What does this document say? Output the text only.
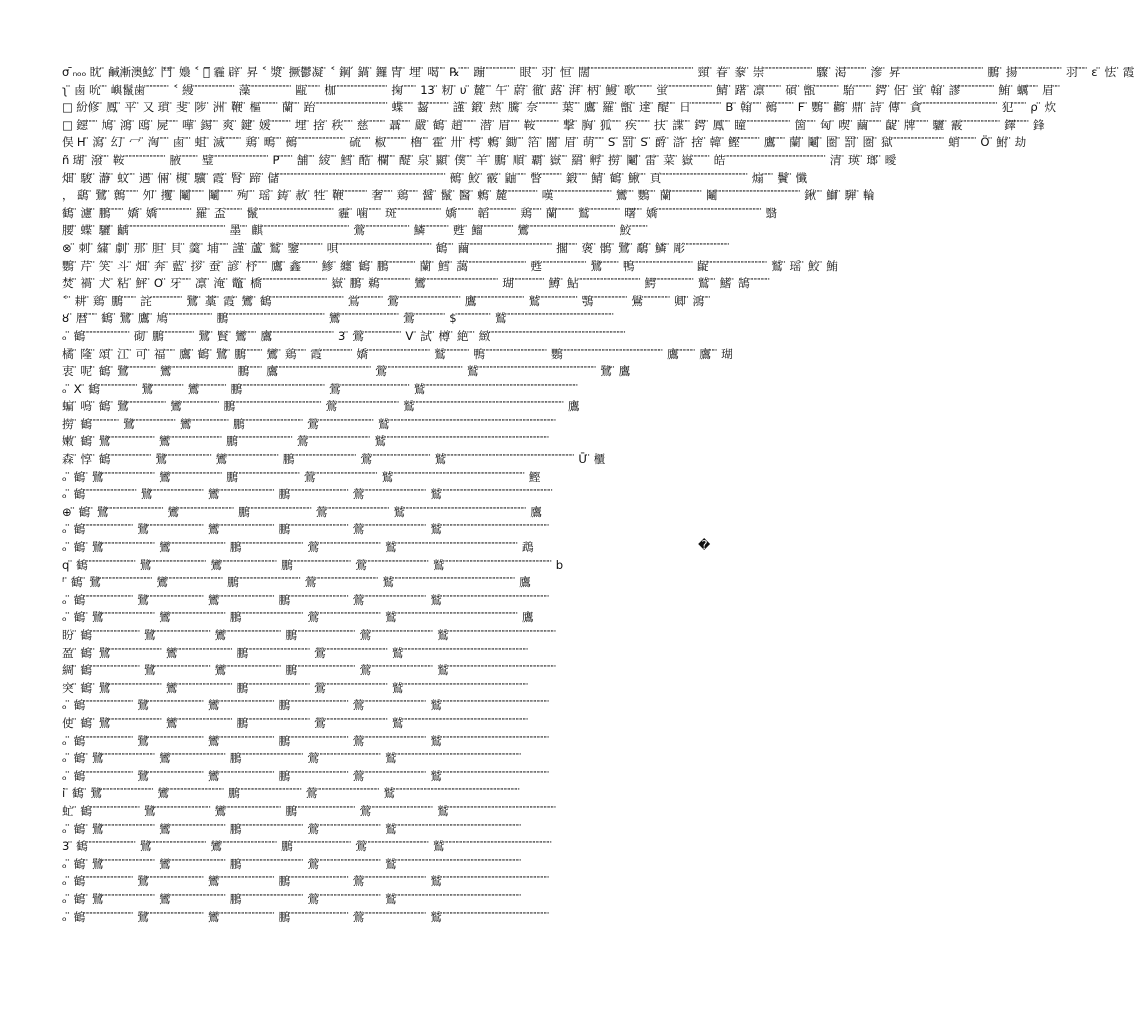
σ ̄ₙₒₒ 眈 ̈ 鹹漸澳鯰 ̈ 鬥 ̈ 嬝 ˂ 嬌̅ 霾 辟 ̈ 昇 ˂ 漿 ̈ 撅鬱凝 ̈ ˂ 鋼 ́ 鍋 ̈ 鑼 冑 ̈ 埋 ̈ 喝 ̈ ̈ ℞ ̈ ̈ ̈ 蹦 ̈ ̈ ̈ ̈ ̈ ̈ ̈ ̈ ̈ 眼 ̈ ̈ 羽 ̈ 恒 ̈ 闊 ̈ ̈ ̈ ̈ ̈ ̈ ̈ ̈ ̈ ̈ ̈ ̈ ̈ ̈ ̈ ̈ ̈ ̈ ̈ ̈ ̈ ̈ ̈ ̈ ̈ ̈ ̈ ̈ ̈ ̈ 頸 ̈ 眷 ̈ 豢 ̈ 崇 ̈ ̈ ̈ ̈ ̈ ̈ ̈ ̈ ̈ ̈ ̈ ̈ ̈ ̈ 驟 ̈ 渇 ̈ ̈ ̈ ̈ ̈ ̈ 滲 ̈ 昇 ̈ ̈ ̈ ̈ ̈ ̈ ̈ ̈ ̈ ̈ ̈ ̈ ̈ ̈ ̈ ̈ ̈ ̈ ̈ ̈ ̈ ̈ ̈ ̈ 鵬 ̈ 揚 ̈ ̈ ̈ ̈ ̈ ̈ ̈ ̈ ̈ ̈ ̈ ̈ ̈ 羽 ̈ ̈ ̈ ε ̈ 怯 ̈ 霞
ʅ ̈ 鹵 吮 ̈ ̈ 嶼鬣歯 ̈ ̈ ̈ ̈ ̈ ̈ ̈ ˂ 縵 ̈ ̈ ̈ ̈ ̈ ̈ ̈ ̈ ̈ ̈ ̈ ̈ 藻 ̈ ̈ ̈ ̈ ̈ ̈ ̈ ̈ ̈ ̈ ̈ ̈ 甌 ̈ ̈ ̈ ̈ 枷 ̈ ̈ ̈ ̈ ̈ ̈ ̈ ̈ ̈ ̈ ̈ ̈ ̈ ̈ ̈ 掬 ̈ ̈ ̈ ̈ 13 ̈ 籾 ̈ υ ̈ 麓 ̈ ̈ 午 ̈ 蔚 ̈ 徹 ̈ 蕗 ̈ 湃 ̈ 柄 ̈ 鰻 ̈ 歌 ̈ ̈ ̈ ̈ ̈ 蛍 ̈ ̈ ̈ ̈ ̈ ̈ ̈ ̈ ̈ ̈ ̈ ̈ ̈ 鯖 ̈ 躇 ̈ 凛 ̈ ̈ ̈ ̈ ̈ 碩 ̈ 甑 ̈ ̈ ̈ ̈ ̈ ̈ ̈ 駘 ̈ ̈ ̈ ̈ ̈ 鍔 ̈ 侶 ̈ 蛍 ̈ 翰 ̈ 謬 ̈ ̈ ̈ ̈ ̈ ̈ ̈ ̈ ̈ ̈ 鮪 ̈ 蠣 ̈ ̈ ̈ 眉 ̈ ̈
□ 紛修 ̈ 鳳 ̈ 平 ̈ 又 瑣 ̈ 斐 ̈ 陟 ̈ 洲 ̈ 鞭 ̈ 樞 ̈ ̈ ̈ ̈ ̈ 蘭 ̈ ̈ 跆 ̈ ̈ ̈ ̈ ̈ ̈ ̈ ̈ ̈ ̈ ̈ ̈ ̈ ̈ ̈ ̈ ̈ ̈ ̈ ̈ ̈ 蝶 ̈ ̈ ̈ 齧 ̈ ̈ ̈ ̈ ̈ ̈ 謹 ̈ 鍛 ̈ 熱 ̈ 騰 ̈ 奈 ̈ ̈ ̈ ̈ ̈ ̈ 葉 ̈ ̈ 鷹 ̈ 羅 ̈ 甑 ̈ 達 ̈ 醍 ̈ ̈ 日 ̈ ̈ ̈ ̈ ̈ ̈ ̈ ̈ ̈ B ̈ 翰 ̈ ̈ ̈ 鵺 ̈ ̈ ̈ ̈ ̈ F ̈ 鸚 ̈ ̈ 鸛 ̈ 鼎 ̈ 詩 ̈ 傳 ̈ ̈ 貪 ̈ ̈ ̈ ̈ ̈ ̈ ̈ ̈ ̈ ̈ ̈ ̈ ̈ ̈ ̈ ̈ ̈ ̈ ̈ ̈ ̈ ̈ 犯 ̈ ̈ ̈ ̈ ρ ̈ 炊
□ 鐚 ̈ ̈ ̈ 鳩 ̈ 鴻 ̈ 鴎 ̈ 屍 ̈ ̈ ̈ 嘩 ̈ 錫 ̈ ̈ 爽 ̈ 鍵 ̈ 媛 ̈ ̈ ̈ ̈ ̈ ̈ 埋 ̈ 捨 ̈ 秩 ̈ ̈ ̈ 慈 ̈ ̈ ̈ ̈ ̈ 聶 ̈ ̈ ̈ 嚴 ̈ 鶴 ̈ 趙 ̈ ̈ ̈ ̈ 潜 ̈ 眉 ̈ ̈ ̈ 鞍 ̈ ̈ ̈ ̈ ̈ ̈ ̈ 撃 ̈ 胸 ̈ 狐 ̈ ̈ ̈ 疾 ̈ ̈ ̈ ̈ 扶 ̈ 諜 ̈ ̈ 鍔 ̈ 鳳 ̈ ̈ 瞳 ̈ ̈ ̈ ̈ ̈ ̈ ̈ ̈ ̈ ̈ ̈ ̈ ̈ 箇 ̈ ̈ ̈ 匈 ̈ 喫 ̈ 繭 ̈ ̈ ̈ ̈ 齪 ̈ 牌 ̈ ̈ ̈ ̈ 驪 ̈ 霰 ̈ ̈ ̈ ̈ ̈ ̈ ̈ ̈ ̈ ̈ ̈ 鐸 ̈ ̈ ̈ ̈ 鋒
俣 H ̈ 瀉 ̈ 幻 ̈ 冖 ̈ 洶 ̈ ̈ ̈ 鹵 ̈ ̈ 蛆 ̈ 滅 ̈ ̈ ̈ ̈ ̈ 鶏 ̈ 鴫 ̈ ̈ 鵺 ̈ ̈ ̈ ̈ ̈ ̈ ̈ ̈ ̈ ̈ ̈ ̈ ̈ ̈ 硫 ̈ ̈ ̈ 椒 ̈ ̈ ̈ ̈ ̈ ̈ 櫓 ̈ ̈ 霍 ̈ 卅 ̈ 樗 ̈ 鶫 ̈ 鋤 ̈ ̈ 箔 ̈ 闇 ̈ 眉 ̈ 萌 ̈ ̈ ̈ S ̈ 罰 ̈ S ̈ 爵 ̈ 滸 ̈ 捨 ̈ 韓 ̈ 鰹 ̈ ̈ ̈ ̈ ̈ ̈ 鷹 ̈ ̈ ̈ 蘭 ̈ 鬮 ̈ 圏 ̈ 罰 ̈ 圏 ̈ 獄 ̈ ̈ ̈ ̈ ̈ ̈ ̈ ̈ ̈ ̈ ̈ ̈ ̈ ̈ ̈ 蛸 ̈ ̈ ̈ ̈ ̈ Ö ̈ 鮒 ̈ 劫
ñ 瑚 ̈ 潑 ̈ ̈ 鞍 ̈ ̈ ̈ ̈ ̈ ̈ ̈ ̈ ̈ ̈ ̈ ̈ 腋 ̈ ̈ ̈ ̈ ̈ 璧 ̈ ̈ ̈ ̈ ̈ ̈ ̈ ̈ ̈ ̈ ̈ ̈ ̈ ̈ ̈ ̈ P ̈ ̈ ̈ ̈ 舗 ̈ ̈ 綾 ̈ ̈ 鱈 ̈ 酷 ̈ 欄 ̈ ̈ 醍 ̈ 泉 ̈ 顯 ̈ 僕 ̈ ̈ 羊 ̈ 鵬 ̈ 順 ̈ 覇 ̈ 嶽 ̈ ̈ 羂 ̈ 孵 ̈ 撈 ̈ 鬮 ̈ 雷 ̈ 菜 ̈ 嶽 ̈ ̈ ̈ ̈ ̈ 皓 ̈ ̈ ̈ ̈ ̈ ̈ ̈ ̈ ̈ ̈ ̈ ̈ ̈ ̈ ̈ ̈ ̈ ̈ ̈ ̈ ̈ ̈ ̈ ̈ ̈ ̈ ̈ ̈ ̈ 清 ̈ 瑛 ̈ 瑯 ̈ 曖
畑 ̈ 駿 ̈ 瀞 ̈ 蚊 ̈ ̈ 遇 ̈ 倆 ̈ 槻 ̈ 驥 ̈ 霞 ̈ 腎 ̈ 蹄 ̈ 儲 ̈ ̈ ̈ ̈ ̈ ̈ ̈ ̈ ̈ ̈ ̈ ̈ ̈ ̈ ̈ ̈ ̈ ̈ ̈ ̈ ̈ ̈ ̈ ̈ ̈ ̈ ̈ ̈ ̈ ̈ ̈ ̈ ̈ ̈ ̈ ̈ ̈ ̈ ̈ ̈ ̈ ̈ ̈ ̈ ̈ ̈ ̈ ̈ 鵺 ̈ 鮫 ̈ 霰 ̈ 鼬 ̈ ̈ ̈ 瞥 ̈ ̈ ̈ ̈ ̈ ̈ 鍛 ̈ ̈ ̈ 鯖 ̈ 鶴 ̈ 鰍 ̈ ̈ 頁 ̈ ̈ ̈ ̈ ̈ ̈ ̈ ̈ ̈ ̈ ̈ ̈ ̈ ̈ ̈ ̈ ̈ ̈ ̈ ̈ ̈ ̈ ̈ ̈ ̈ 煽 ̈ ̈ ̈ 鬢 ̈ 懺
， 鷂 ̈ 鷺 ̈ 鷯 ̈ ̈ ̈ ̈ 夘 ̈ 攫 ̈ 鬮 ̈ ̈ ̈ ̈ 鬮 ̈ ̈ ̈ ̈ 殉 ̈ ̈ 瑶 ̈ 鋳 ̈ 赦 ̈ 牲 ̈ 鞭 ̈ ̈ ̈ ̈ ̈ ̈ ̈ 奢 ̈ ̈ ̈ 鶏 ̈ ̈ ̈ 醤 ̈ 鬣 ̈ 醫 ̈ 鶫 ̈ 麓 ̈ ̈ ̈ ̈ ̈ ̈ ̈ ̈ ̈ 嘆 ̈ ̈ ̈ ̈ ̈ ̈ ̈ ̈ ̈ ̈ ̈ ̈ ̈ ̈ ̈ ̈ ̈ 鸞 ̈ ̈ 鸚 ̈ ̈ 蘭 ̈ ̈ ̈ ̈ ̈ ̈ ̈ ̈ ̈ 鬮 ̈ ̈ ̈ ̈ ̈ ̈ ̈ ̈ ̈ ̈ ̈ ̈ ̈ ̈ ̈ ̈ ̈ ̈ ̈ ̈ ̈ ̈ ̈ ̈ 鍬 ̈ ̈ 鰤 ̈ 騨 ̈ 輪
鶴 ̈ 濾 ̈ 鵬 ̈ ̈ ̈ ̈ 嬌 ̈ 嬌 ̈ ̈ ̈ ̈ ̈ ̈ ̈ ̈ ̈ ̈ 羅 ̈ 盃 ̈ ̈ ̈ ̈ ̈ 鬣 ̈ ̈ ̈ ̈ ̈ ̈ ̈ ̈ ̈ ̈ ̈ ̈ ̈ ̈ ̈ ̈ ̈ ̈ ̈ ̈ ̈ ̈ 霾 ̈ 噛 ̈ ̈ ̈ ̈ 斑 ̈ ̈ ̈ ̈ ̈ ̈ ̈ ̈ ̈ ̈ ̈ ̈ ̈ 嬌 ̈ ̈ ̈ ̈ ̈ 韜 ̈ ̈ ̈ ̈ ̈ ̈ ̈ ̈ 鶏 ̈ ̈ ̈ 蘭 ̈ ̈ ̈ ̈ ̈ 鷲 ̈ ̈ ̈ ̈ ̈ ̈ ̈ ̈ ̈ 曙 ̈ ̈ 嬌 ̈ ̈ ̈ ̈ ̈ ̈ ̈ ̈ ̈ ̈ ̈ ̈ ̈ ̈ ̈ ̈ ̈ ̈ ̈ ̈ ̈ ̈ ̈ ̈ ̈ ̈ ̈ ̈ ̈ ̈ 翳
腰 ̈ 蝶 ̈ 驪 ̈ 齲 ̈ ̈ ̈ ̈ ̈ ̈ ̈ ̈ ̈ ̈ ̈ ̈ ̈ ̈ ̈ ̈ ̈ ̈ ̈ ̈ ̈ ̈ ̈ ̈ ̈ ̈ ̈ ̈ 墨 ̈ ̈ 麒 ̈ ̈ ̈ ̈ ̈ ̈ ̈ ̈ ̈ ̈ ̈ ̈ ̈ ̈ ̈ ̈ ̈ ̈ ̈ ̈ ̈ ̈ ̈ ̈ ̈ 鶯 ̈ ̈ ̈ ̈ ̈ ̈ ̈ ̈ ̈ ̈ ̈ ̈ ̈ 鱗 ̈ ̈ ̈ ̈ ̈ ̈ ̈ 甦 ̈ 鰡 ̈ ̈ ̈ ̈ ̈ ̈ ̈ ̈ ̈ 鸞 ̈ ̈ ̈ ̈ ̈ ̈ ̈ ̈ ̈ ̈ ̈ ̈ ̈ ̈ ̈ ̈ ̈ ̈ ̈ ̈ ̈ ̈ ̈ ̈ ̈ 鮫 ̈ ̈ ̈ ̈ ̈
⊗ ̈ 刺 ̈ 繍 ̈ 劇 ̈ 那 ̈ 胆 ̈ 貝 ̈ 羹 ̈ 埔 ̈ ̈ ̈ 謹 ̈ 蘆 ̈ 鷲 ̈ 鑒 ̈ ̈ ̈ ̈ ̈ ̈ ̈ 唄 ̈ ̈ ̈ ̈ ̈ ̈ ̈ ̈ ̈ ̈ ̈ ̈ ̈ ̈ ̈ ̈ ̈ ̈ ̈ ̈ ̈ ̈ ̈ ̈ ̈ ̈ ̈ 鶴 ̈ ̈ 繭 ̈ ̈ ̈ ̈ ̈ ̈ ̈ ̈ ̈ ̈ ̈ ̈ ̈ ̈ ̈ ̈ ̈ ̈ ̈ ̈ ̈ ̈ ̈ ̈ 擱 ̈ ̈ ̈ 褒 ̈ 鶻 ̈ 鷺 ̈ 鷸 ̈ 鱗 ̈ 彫 ̈ ̈ ̈ ̈ ̈ ̈ ̈ ̈ ̈ ̈ ̈ ̈ ̈
鸚 ̈ 芹 ̈ 笑 ̈ 斗 ̈ 畑 ̈ 奔 ̈ 藍 ̈ 拶 ̈ 蚕 ̈ 諺 ̈ 杼 ̈ ̈ ̈ 鷹 ̈ 鑫 ̈ ̈ ̈ ̈ ̈ 鯵 ̈ 纏 ̈ 鶴 ̈ 鵬 ̈ ̈ ̈ ̈ ̈ ̈ ̈ ̈ 蘭 ̈ 鱈 ̈ 藹 ̈ ̈ ̈ ̈ ̈ ̈ ̈ ̈ ̈ ̈ ̈ ̈ ̈ ̈ ̈ ̈ ̈ 甦 ̈ ̈ ̈ ̈ ̈ ̈ ̈ ̈ ̈ ̈ ̈ ̈ ̈ 鷺 ̈ ̈ ̈ ̈ ̈ 鴨 ̈ ̈ ̈ ̈ ̈ ̈ ̈ ̈ ̈ ̈ ̈ ̈ ̈ ̈ ̈ ̈ ̈ 齪 ̈ ̈ ̈ ̈ ̈ ̈ ̈ ̈ ̈ ̈ ̈ ̈ ̈ ̈ ̈ ̈ ̈ 鷲 ̈ 瑶 ̈ 鮫 ̈ 鮪
焚 ̈ 禍 ̈ 犬 ̈ 粘 ̈ 鮃 ̈ O ̈ 牙 ̈ ̈ ̈ 凛 ̈ 淹 ̈ 鼈 ̈ 橋 ̈ ̈ ̈ ̈ ̈ ̈ ̈ ̈ ̈ ̈ ̈ ̈ ̈ ̈ ̈ ̈ ̈ ̈ ̈ 嶽 ̈ 鵬 ̈ 鵜 ̈ ̈ ̈ ̈ ̈ ̈ ̈ ̈ ̈ 鸞 ̈ ̈ ̈ ̈ ̈ ̈ ̈ ̈ ̈ ̈ ̈ ̈ ̈ ̈ ̈ ̈ ̈ ̈ ̈ ̈ ̈ 瑚 ̈ ̈ ̈ ̈ ̈ ̈ ̈ ̈ ̈ 鱒 ̈ 鮎 ̈ ̈ ̈ ̈ ̈ ̈ ̈ ̈ ̈ ̈ ̈ ̈ ̈ ̈ ̈ ̈ ̈ ̈ 鰐 ̈ ̈ ̈ ̈ ̈ ̈ ̈ ̈ ̈ ̈ ̈ 鷲 ̈ ̈ 鰭 ̈ 鵠 ̈ ̈ ̈ ̈ ̈ ̈
˂ ̈ 耕 ̈ 鶏 ̈ 鵬 ̈ ̈ ̈ ̈ 詫 ̈ ̈ ̈ ̈ ̈ ̈ ̈ ̈ ̈ 鷺 ̈ 藁 ̈ 霞 ̈ 鸞 ̈ 鶴 ̈ ̈ ̈ ̈ ̈ ̈ ̈ ̈ ̈ ̈ ̈ ̈ ̈ ̈ ̈ ̈ ̈ ̈ ̈ ̈ ̈ 鴬 ̈ ̈ ̈ ̈ ̈ ̈ ̈ 鶯 ̈ ̈ ̈ ̈ ̈ ̈ ̈ ̈ ̈ ̈ ̈ ̈ ̈ ̈ ̈ ̈ ̈ ̈ 鷹 ̈ ̈ ̈ ̈ ̈ ̈ ̈ ̈ ̈ ̈ ̈ ̈ ̈ ̈ 鷲 ̈ ̈ ̈ ̈ ̈ ̈ ̈ ̈ ̈ ̈ ̈ 鶚 ̈ ̈ ̈ ̈ ̈ ̈ ̈ ̈ ̈ ̈ 鷽 ̈ ̈ ̈ ̈ ̈ ̈ ̈ ̈ 卿 ̈ 鴻 ̈ ̈
ȣ ̈ 暦 ̈ ̈ ̈ 鶴 ̈ 鷺 ̈ 鷹 ̈ 鳩 ̈ ̈ ̈ ̈ ̈ ̈ ̈ ̈ ̈ ̈ ̈ ̈ ̈ 鵬 ̈ ̈ ̈ ̈ ̈ ̈ ̈ ̈ ̈ ̈ ̈ ̈ ̈ ̈ ̈ ̈ ̈ ̈ ̈ ̈ ̈ ̈ ̈ ̈ ̈ ̈ ̈ ̈ 鸞 ̈ ̈ ̈ ̈ ̈ ̈ ̈ ̈ ̈ ̈ ̈ ̈ ̈ ̈ ̈ ̈ ̈ 鶯 ̈ ̈ ̈ ̈ ̈ ̈ ̈ ̈ ̈ $ ̈ ̈ ̈ ̈ ̈ ̈ ̈ ̈ ̈ ̈ 鷲 ̈ ̈ ̈ ̈ ̈ ̈ ̈ ̈ ̈ ̈ ̈ ̈ ̈ ̈ ̈ ̈ ̈ ̈ ̈ ̈ ̈ ̈ ̈ ̈ ̈ ̈ ̈ ̈ ̈ ̈ ̈
ₒ ̈ 鶴 ̈ ̈ ̈ ̈ ̈ ̈ ̈ ̈ ̈ ̈ ̈ ̈ ̈ 砌 ̈ 鵬 ̈ ̈ ̈ ̈ ̈ ̈ ̈ ̈ ̈ 鷺 ̈ 賢 ̈ 鸞 ̈ ̈ ̈ 鷹 ̈ ̈ ̈ ̈ ̈ ̈ ̈ ̈ ̈ ̈ ̈ ̈ ̈ ̈ ̈ ̈ ̈ ̈ 3 ̈ 鶯 ̈ ̈ ̈ ̈ ̈ ̈ ̈ ̈ ̈ ̈ ̈ V ̈ 試 ̈ 樽 ̈ 絶 ̈ ̈ 緻 ̈ ̈ ̈ ̈ ̈ ̈ ̈ ̈ ̈ ̈ ̈ ̈ ̈ ̈ ̈ ̈ ̈ ̈ ̈ ̈ ̈ ̈ ̈ ̈ ̈ ̈ ̈ ̈ ̈ ̈ ̈ ̈ ̈ ̈ ̈ ̈ ̈ ̈ ̈
橘 ̈ 隆 ̈ 頌 ̈ 江 ̈ 可 ̈ 福 ̈ ̈ ̈ 鷹 ̈ 鶴 ̈ 鷺 ̈ 鵬 ̈ ̈ ̈ ̈ ̈ 鸞 ̈ 鶏 ̈ ̈ ̈ 霞 ̈ ̈ ̈ ̈ ̈ ̈ ̈ ̈ ̈ 嬌 ̈ ̈ ̈ ̈ ̈ ̈ ̈ ̈ ̈ ̈ ̈ ̈ ̈ ̈ ̈ ̈ ̈ ̈ 鷲 ̈ ̈ ̈ ̈ ̈ ̈ ̈ 鴨 ̈ ̈ ̈ ̈ ̈ ̈ ̈ ̈ ̈ ̈ ̈ ̈ ̈ ̈ ̈ ̈ ̈ ̈ 鸚 ̈ ̈ ̈ ̈ ̈ ̈ ̈ ̈ ̈ ̈ ̈ ̈ ̈ ̈ ̈ ̈ ̈ ̈ ̈ ̈ ̈ ̈ ̈ ̈ ̈ ̈ ̈ ̈ ̈ 鷹 ̈ ̈ ̈ ̈ ̈ 鷹 ̈ ̈ 瑚
衷 ̈ 呢 ̈ 鶴 ̈ 鷺 ̈ ̈ ̈ ̈ ̈ ̈ ̈ ̈ 鸞 ̈ ̈ ̈ ̈ ̈ ̈ ̈ ̈ ̈ ̈ ̈ ̈ ̈ ̈ ̈ ̈ ̈ ̈ 鵬 ̈ ̈ ̈ ̈ 鷹 ̈ ̈ ̈ ̈ ̈ ̈ ̈ ̈ ̈ ̈ ̈ ̈ ̈ ̈ ̈ ̈ ̈ ̈ ̈ ̈ ̈ ̈ ̈ ̈ ̈ ̈ ̈ 鶯 ̈ ̈ ̈ ̈ ̈ ̈ ̈ ̈ ̈ ̈ ̈ ̈ ̈ ̈ ̈ ̈ ̈ ̈ ̈ ̈ ̈ ̈ 鷲 ̈ ̈ ̈ ̈ ̈ ̈ ̈ ̈ ̈ ̈ ̈ ̈ ̈ ̈ ̈ ̈ ̈ ̈ ̈ ̈ ̈ ̈ ̈ ̈ ̈ ̈ ̈ ̈ ̈ ̈ ̈ ̈ ̈ ̈ 鷺 ̈ 鷹
ₒ ̈ X ̈ 鶴 ̈ ̈ ̈ ̈ ̈ ̈ ̈ ̈ ̈ ̈ ̈ 鷺 ̈ ̈ ̈ ̈ ̈ ̈ ̈ ̈ ̈ 鸞 ̈ ̈ ̈ ̈ ̈ ̈ ̈ ̈ 鵬 ̈ ̈ ̈ ̈ ̈ ̈ ̈ ̈ ̈ ̈ ̈ ̈ ̈ ̈ ̈ ̈ ̈ ̈ ̈ ̈ ̈ ̈ ̈ ̈ 鶯 ̈ ̈ ̈ ̈ ̈ ̈ ̈ ̈ ̈ ̈ ̈ ̈ ̈ ̈ ̈ ̈ ̈ ̈ ̈ ̈ 鷲 ̈ ̈ ̈ ̈ ̈ ̈ ̈ ̈ ̈ ̈ ̈ ̈ ̈ ̈ ̈ ̈ ̈ ̈ ̈ ̈ ̈ ̈ ̈ ̈ ̈ ̈ ̈ ̈ ̈ ̈ ̈ ̈ ̈ ̈ ̈ ̈ ̈ ̈ ̈ ̈ ̈ ̈ ̈ ̈
蝙 ̈ 嗚 ̈ 鶴 ̈ 鷺 ̈ ̈ ̈ ̈ ̈ ̈ ̈ ̈ ̈ ̈ ̈ 鸞 ̈ ̈ ̈ ̈ ̈ ̈ ̈ ̈ ̈ ̈ ̈ 鵬 ̈ ̈ ̈ ̈ ̈ ̈ ̈ ̈ ̈ ̈ ̈ ̈ ̈ ̈ ̈ ̈ ̈ ̈ ̈ ̈ ̈ ̈ ̈ ̈ ̈ 鶯 ̈ ̈ ̈ ̈ ̈ ̈ ̈ ̈ ̈ ̈ ̈ ̈ ̈ ̈ ̈ ̈ ̈ ̈ 鷲 ̈ ̈ ̈ ̈ ̈ ̈ ̈ ̈ ̈ ̈ ̈ ̈ ̈ ̈ ̈ ̈ ̈ ̈ ̈ ̈ ̈ ̈ ̈ ̈ ̈ ̈ ̈ ̈ ̈ ̈ ̈ ̈ ̈ ̈ ̈ ̈ ̈ ̈ ̈ ̈ ̈ ̈ ̈ 鷹
撈 ̈ 鶴 ̈ ̈ ̈ ̈ ̈ ̈ ̈ ̈ 鷺 ̈ ̈ ̈ ̈ ̈ ̈ ̈ ̈ ̈ ̈ ̈ ̈ 鸞 ̈ ̈ ̈ ̈ ̈ ̈ ̈ ̈ ̈ ̈ ̈ 鵬 ̈ ̈ ̈ ̈ ̈ ̈ ̈ ̈ ̈ ̈ ̈ ̈ ̈ ̈ ̈ ̈ ̈ 鶯 ̈ ̈ ̈ ̈ ̈ ̈ ̈ ̈ ̈ ̈ ̈ ̈ ̈ ̈ ̈ ̈ 鷲 ̈ ̈ ̈ ̈ ̈ ̈ ̈ ̈ ̈ ̈ ̈ ̈ ̈ ̈ ̈ ̈ ̈ ̈ ̈ ̈ ̈ ̈ ̈ ̈ ̈ ̈ ̈ ̈ ̈ ̈ ̈ ̈ ̈ ̈ ̈ ̈ ̈ ̈ ̈ ̈ ̈ ̈ ̈ ̈ ̈ ̈ ̈ ̈
嫩 ̈ 鶴 ̈ 鷺 ̈ ̈ ̈ ̈ ̈ ̈ ̈ ̈ ̈ ̈ ̈ ̈ ̈ 鸞 ̈ ̈ ̈ ̈ ̈ ̈ ̈ ̈ ̈ ̈ ̈ ̈ ̈ ̈ ̈ 鵬 ̈ ̈ ̈ ̈ ̈ ̈ ̈ ̈ ̈ ̈ ̈ ̈ ̈ ̈ ̈ ̈ 鶯 ̈ ̈ ̈ ̈ ̈ ̈ ̈ ̈ ̈ ̈ ̈ ̈ ̈ ̈ ̈ ̈ ̈ ̈ 鷲 ̈ ̈ ̈ ̈ ̈ ̈ ̈ ̈ ̈ ̈ ̈ ̈ ̈ ̈ ̈ ̈ ̈ ̈ ̈ ̈ ̈ ̈ ̈ ̈ ̈ ̈ ̈ ̈ ̈ ̈ ̈ ̈ ̈ ̈ ̈ ̈ ̈ ̈ ̈ ̈ ̈ ̈ ̈ ̈ ̈ ̈ ̈
森 ̈ 惇 ̈ 鶴 ̈ ̈ ̈ ̈ ̈ ̈ ̈ ̈ ̈ ̈ ̈ ̈ 鷺 ̈ ̈ ̈ ̈ ̈ ̈ ̈ ̈ ̈ ̈ ̈ ̈ ̈ 鸞 ̈ ̈ ̈ ̈ ̈ ̈ ̈ ̈ ̈ ̈ ̈ ̈ ̈ ̈ ̈ 鵬 ̈ ̈ ̈ ̈ ̈ ̈ ̈ ̈ ̈ ̈ ̈ ̈ ̈ ̈ ̈ ̈ ̈ ̈ 鶯 ̈ ̈ ̈ ̈ ̈ ̈ ̈ ̈ ̈ ̈ ̈ ̈ ̈ ̈ ̈ ̈ ̈ 鷲 ̈ ̈ ̈ ̈ ̈ ̈ ̈ ̈ ̈ ̈ ̈ ̈ ̈ ̈ ̈ ̈ ̈ ̈ ̈ ̈ ̈ ̈ ̈ ̈ ̈ ̈ ̈ ̈ ̈ ̈ ̈ ̈ ̈ ̈ ̈ ̈ ̈ Ū ̈ 櫃
ₒ ̈ 鶴 ̈ 鷺 ̈ ̈ ̈ ̈ ̈ ̈ ̈ ̈ ̈ ̈ ̈ ̈ ̈ ̈ ̈ 鸞 ̈ ̈ ̈ ̈ ̈ ̈ ̈ ̈ ̈ ̈ ̈ ̈ ̈ ̈ ̈ 鵬 ̈ ̈ ̈ ̈ ̈ ̈ ̈ ̈ ̈ ̈ ̈ ̈ ̈ ̈ ̈ ̈ ̈ ̈ 鶯 ̈ ̈ ̈ ̈ ̈ ̈ ̈ ̈ ̈ ̈ ̈ ̈ ̈ ̈ ̈ ̈ ̈ ̈ 鷲 ̈ ̈ ̈ ̈ ̈ ̈ ̈ ̈ ̈ ̈ ̈ ̈ ̈ ̈ ̈ ̈ ̈ ̈ ̈ ̈ ̈ ̈ ̈ ̈ ̈ ̈ ̈ ̈ ̈ ̈ ̈ ̈ ̈ ̈ ̈ ̈ ̈ ̈ 鰹
ₒ ̈ 鶴 ̈ ̈ ̈ ̈ ̈ ̈ ̈ ̈ ̈ ̈ ̈ ̈ ̈ ̈ ̈ 鷺 ̈ ̈ ̈ ̈ ̈ ̈ ̈ ̈ ̈ ̈ ̈ ̈ ̈ ̈ ̈ 鸞 ̈ ̈ ̈ ̈ ̈ ̈ ̈ ̈ ̈ ̈ ̈ ̈ ̈ ̈ ̈ ̈ 鵬 ̈ ̈ ̈ ̈ ̈ ̈ ̈ ̈ ̈ ̈ ̈ ̈ ̈ ̈ ̈ ̈ ̈ 鶯 ̈ ̈ ̈ ̈ ̈ ̈ ̈ ̈ ̈ ̈ ̈ ̈ ̈ ̈ ̈ ̈ ̈ ̈ 鷲 ̈ ̈ ̈ ̈ ̈ ̈ ̈ ̈ ̈ ̈ ̈ ̈ ̈ ̈ ̈ ̈ ̈ ̈ ̈ ̈ ̈ ̈ ̈ ̈ ̈ ̈ ̈ ̈ ̈ ̈ ̈ ̈
⊕ ̈ 鶴 ̈ 鷺 ̈ ̈ ̈ ̈ ̈ ̈ ̈ ̈ ̈ ̈ ̈ ̈ ̈ ̈ ̈ ̈ 鸞 ̈ ̈ ̈ ̈ ̈ ̈ ̈ ̈ ̈ ̈ ̈ ̈ ̈ ̈ ̈ ̈ 鵬 ̈ ̈ ̈ ̈ ̈ ̈ ̈ ̈ ̈ ̈ ̈ ̈ ̈ ̈ ̈ ̈ ̈ ̈ 鶯 ̈ ̈ ̈ ̈ ̈ ̈ ̈ ̈ ̈ ̈ ̈ ̈ ̈ ̈ ̈ ̈ ̈ ̈ 鷲 ̈ ̈ ̈ ̈ ̈ ̈ ̈ ̈ ̈ ̈ ̈ ̈ ̈ ̈ ̈ ̈ ̈ ̈ ̈ ̈ ̈ ̈ ̈ ̈ ̈ ̈ ̈ ̈ ̈ ̈ ̈ ̈ ̈ ̈ ̈ 鷹
ₒ ̈ 鶴 ̈ ̈ ̈ ̈ ̈ ̈ ̈ ̈ ̈ ̈ ̈ ̈ ̈ ̈ 鷺 ̈ ̈ ̈ ̈ ̈ ̈ ̈ ̈ ̈ ̈ ̈ ̈ ̈ ̈ ̈ ̈ 鸞 ̈ ̈ ̈ ̈ ̈ ̈ ̈ ̈ ̈ ̈ ̈ ̈ ̈ ̈ ̈ ̈ 鵬 ̈ ̈ ̈ ̈ ̈ ̈ ̈ ̈ ̈ ̈ ̈ ̈ ̈ ̈ ̈ ̈ ̈ 鶯 ̈ ̈ ̈ ̈ ̈ ̈ ̈ ̈ ̈ ̈ ̈ ̈ ̈ ̈ ̈ ̈ ̈ ̈ 鷲 ̈ ̈ ̈ ̈ ̈ ̈ ̈ ̈ ̈ ̈ ̈ ̈ ̈ ̈ ̈ ̈ ̈ ̈ ̈ ̈ ̈ ̈ ̈ ̈ ̈ ̈ ̈ ̈ ̈ ̈ ̈
ₒ ̈ 鶴 ̈ 鷺 ̈ ̈ ̈ ̈ ̈ ̈ ̈ ̈ ̈ ̈ ̈ ̈ ̈ ̈ ̈ 鸞 ̈ ̈ ̈ ̈ ̈ ̈ ̈ ̈ ̈ ̈ ̈ ̈ ̈ ̈ ̈ ̈ 鵬 ̈ ̈ ̈ ̈ ̈ ̈ ̈ ̈ ̈ ̈ ̈ ̈ ̈ ̈ ̈ ̈ ̈ ̈ 鶯 ̈ ̈ ̈ ̈ ̈ ̈ ̈ ̈ ̈ ̈ ̈ ̈ ̈ ̈ ̈ ̈ ̈ ̈ 鷲 ̈ ̈ ̈ ̈ ̈ ̈ ̈ ̈ ̈ ̈ ̈ ̈ ̈ ̈ ̈ ̈ ̈ ̈ ̈ ̈ ̈ ̈ ̈ ̈ ̈ ̈ ̈ ̈ ̈ ̈ ̈ ̈ ̈ ̈ ̈ 鵡
q ̈ 鶴 ̈ ̈ ̈ ̈ ̈ ̈ ̈ ̈ ̈ ̈ ̈ ̈ ̈ ̈ 鷺 ̈ ̈ ̈ ̈ ̈ ̈ ̈ ̈ ̈ ̈ ̈ ̈ ̈ ̈ ̈ ̈ 鸞 ̈ ̈ ̈ ̈ ̈ ̈ ̈ ̈ ̈ ̈ ̈ ̈ ̈ ̈ ̈ ̈ 鵬 ̈ ̈ ̈ ̈ ̈ ̈ ̈ ̈ ̈ ̈ ̈ ̈ ̈ ̈ ̈ ̈ ̈ 鶯 ̈ ̈ ̈ ̈ ̈ ̈ ̈ ̈ ̈ ̈ ̈ ̈ ̈ ̈ ̈ ̈ ̈ ̈ 鷲 ̈ ̈ ̈ ̈ ̈ ̈ ̈ ̈ ̈ ̈ ̈ ̈ ̈ ̈ ̈ ̈ ̈ ̈ ̈ ̈ ̈ ̈ ̈ ̈ ̈ ̈ ̈ ̈ ̈ ̈ ̈ b
ᴵ ̈ 鶴 ̈ 鷺 ̈ ̈ ̈ ̈ ̈ ̈ ̈ ̈ ̈ ̈ ̈ ̈ ̈ ̈ ̈ 鸞 ̈ ̈ ̈ ̈ ̈ ̈ ̈ ̈ ̈ ̈ ̈ ̈ ̈ ̈ ̈ ̈ 鵬 ̈ ̈ ̈ ̈ ̈ ̈ ̈ ̈ ̈ ̈ ̈ ̈ ̈ ̈ ̈ ̈ ̈ ̈ 鶯 ̈ ̈ ̈ ̈ ̈ ̈ ̈ ̈ ̈ ̈ ̈ ̈ ̈ ̈ ̈ ̈ ̈ ̈ 鷲 ̈ ̈ ̈ ̈ ̈ ̈ ̈ ̈ ̈ ̈ ̈ ̈ ̈ ̈ ̈ ̈ ̈ ̈ ̈ ̈ ̈ ̈ ̈ ̈ ̈ ̈ ̈ ̈ ̈ ̈ ̈ ̈ ̈ ̈ ̈ 鷹
ₒ ̈ 鶴 ̈ ̈ ̈ ̈ ̈ ̈ ̈ ̈ ̈ ̈ ̈ ̈ ̈ ̈ 鷺 ̈ ̈ ̈ ̈ ̈ ̈ ̈ ̈ ̈ ̈ ̈ ̈ ̈ ̈ ̈ ̈ 鸞 ̈ ̈ ̈ ̈ ̈ ̈ ̈ ̈ ̈ ̈ ̈ ̈ ̈ ̈ ̈ ̈ 鵬 ̈ ̈ ̈ ̈ ̈ ̈ ̈ ̈ ̈ ̈ ̈ ̈ ̈ ̈ ̈ ̈ ̈ 鶯 ̈ ̈ ̈ ̈ ̈ ̈ ̈ ̈ ̈ ̈ ̈ ̈ ̈ ̈ ̈ ̈ ̈ ̈ 鷲 ̈ ̈ ̈ ̈ ̈ ̈ ̈ ̈ ̈ ̈ ̈ ̈ ̈ ̈ ̈ ̈ ̈ ̈ ̈ ̈ ̈ ̈ ̈ ̈ ̈ ̈ ̈ ̈ ̈ ̈ ̈
ₒ ̈ 鶴 ̈ 鷺 ̈ ̈ ̈ ̈ ̈ ̈ ̈ ̈ ̈ ̈ ̈ ̈ ̈ ̈ ̈ 鸞 ̈ ̈ ̈ ̈ ̈ ̈ ̈ ̈ ̈ ̈ ̈ ̈ ̈ ̈ ̈ ̈ 鵬 ̈ ̈ ̈ ̈ ̈ ̈ ̈ ̈ ̈ ̈ ̈ ̈ ̈ ̈ ̈ ̈ ̈ ̈ 鶯 ̈ ̈ ̈ ̈ ̈ ̈ ̈ ̈ ̈ ̈ ̈ ̈ ̈ ̈ ̈ ̈ ̈ ̈ 鷲 ̈ ̈ ̈ ̈ ̈ ̈ ̈ ̈ ̈ ̈ ̈ ̈ ̈ ̈ ̈ ̈ ̈ ̈ ̈ ̈ ̈ ̈ ̈ ̈ ̈ ̈ ̈ ̈ ̈ ̈ ̈ ̈ ̈ ̈ ̈ 鷹
盼 ̈ 鶴 ̈ ̈ ̈ ̈ ̈ ̈ ̈ ̈ ̈ ̈ ̈ ̈ ̈ ̈ 鷺 ̈ ̈ ̈ ̈ ̈ ̈ ̈ ̈ ̈ ̈ ̈ ̈ ̈ ̈ ̈ ̈ 鸞 ̈ ̈ ̈ ̈ ̈ ̈ ̈ ̈ ̈ ̈ ̈ ̈ ̈ ̈ ̈ ̈ 鵬 ̈ ̈ ̈ ̈ ̈ ̈ ̈ ̈ ̈ ̈ ̈ ̈ ̈ ̈ ̈ ̈ ̈ 鶯 ̈ ̈ ̈ ̈ ̈ ̈ ̈ ̈ ̈ ̈ ̈ ̈ ̈ ̈ ̈ ̈ ̈ ̈ 鷲 ̈ ̈ ̈ ̈ ̈ ̈ ̈ ̈ ̈ ̈ ̈ ̈ ̈ ̈ ̈ ̈ ̈ ̈ ̈ ̈ ̈ ̈ ̈ ̈ ̈ ̈ ̈ ̈ ̈ ̈ ̈
盈 ̈ 鶴 ̈ 鷺 ̈ ̈ ̈ ̈ ̈ ̈ ̈ ̈ ̈ ̈ ̈ ̈ ̈ ̈ ̈ 鸞 ̈ ̈ ̈ ̈ ̈ ̈ ̈ ̈ ̈ ̈ ̈ ̈ ̈ ̈ ̈ ̈ 鵬 ̈ ̈ ̈ ̈ ̈ ̈ ̈ ̈ ̈ ̈ ̈ ̈ ̈ ̈ ̈ ̈ ̈ ̈ 鶯 ̈ ̈ ̈ ̈ ̈ ̈ ̈ ̈ ̈ ̈ ̈ ̈ ̈ ̈ ̈ ̈ ̈ ̈ 鷲 ̈ ̈ ̈ ̈ ̈ ̈ ̈ ̈ ̈ ̈ ̈ ̈ ̈ ̈ ̈ ̈ ̈ ̈ ̈ ̈ ̈ ̈ ̈ ̈ ̈ ̈ ̈ ̈ ̈ ̈ ̈ ̈ ̈ ̈ ̈ ̈
綢 ̈ 鶴 ̈ ̈ ̈ ̈ ̈ ̈ ̈ ̈ ̈ ̈ ̈ ̈ ̈ ̈ 鷺 ̈ ̈ ̈ ̈ ̈ ̈ ̈ ̈ ̈ ̈ ̈ ̈ ̈ ̈ ̈ ̈ 鸞 ̈ ̈ ̈ ̈ ̈ ̈ ̈ ̈ ̈ ̈ ̈ ̈ ̈ ̈ ̈ ̈ 鵬 ̈ ̈ ̈ ̈ ̈ ̈ ̈ ̈ ̈ ̈ ̈ ̈ ̈ ̈ ̈ ̈ ̈ 鶯 ̈ ̈ ̈ ̈ ̈ ̈ ̈ ̈ ̈ ̈ ̈ ̈ ̈ ̈ ̈ ̈ ̈ ̈ 鷲 ̈ ̈ ̈ ̈ ̈ ̈ ̈ ̈ ̈ ̈ ̈ ̈ ̈ ̈ ̈ ̈ ̈ ̈ ̈ ̈ ̈ ̈ ̈ ̈ ̈ ̈ ̈ ̈ ̈ ̈ ̈
突 ̈ 鶴 ̈ 鷺 ̈ ̈ ̈ ̈ ̈ ̈ ̈ ̈ ̈ ̈ ̈ ̈ ̈ ̈ ̈ 鸞 ̈ ̈ ̈ ̈ ̈ ̈ ̈ ̈ ̈ ̈ ̈ ̈ ̈ ̈ ̈ ̈ 鵬 ̈ ̈ ̈ ̈ ̈ ̈ ̈ ̈ ̈ ̈ ̈ ̈ ̈ ̈ ̈ ̈ ̈ ̈ 鶯 ̈ ̈ ̈ ̈ ̈ ̈ ̈ ̈ ̈ ̈ ̈ ̈ ̈ ̈ ̈ ̈ ̈ ̈ 鷲 ̈ ̈ ̈ ̈ ̈ ̈ ̈ ̈ ̈ ̈ ̈ ̈ ̈ ̈ ̈ ̈ ̈ ̈ ̈ ̈ ̈ ̈ ̈ ̈ ̈ ̈ ̈ ̈ ̈ ̈ ̈ ̈ ̈ ̈ ̈ ̈
ₒ ̈ 鶴 ̈ ̈ ̈ ̈ ̈ ̈ ̈ ̈ ̈ ̈ ̈ ̈ ̈ ̈ 鷺 ̈ ̈ ̈ ̈ ̈ ̈ ̈ ̈ ̈ ̈ ̈ ̈ ̈ ̈ ̈ ̈ 鸞 ̈ ̈ ̈ ̈ ̈ ̈ ̈ ̈ ̈ ̈ ̈ ̈ ̈ ̈ ̈ ̈ 鵬 ̈ ̈ ̈ ̈ ̈ ̈ ̈ ̈ ̈ ̈ ̈ ̈ ̈ ̈ ̈ ̈ ̈ 鶯 ̈ ̈ ̈ ̈ ̈ ̈ ̈ ̈ ̈ ̈ ̈ ̈ ̈ ̈ ̈ ̈ ̈ ̈ 鷲 ̈ ̈ ̈ ̈ ̈ ̈ ̈ ̈ ̈ ̈ ̈ ̈ ̈ ̈ ̈ ̈ ̈ ̈ ̈ ̈ ̈ ̈ ̈ ̈ ̈ ̈ ̈ ̈ ̈ ̈ ̈
使 ̈ 鶴 ̈ 鷺 ̈ ̈ ̈ ̈ ̈ ̈ ̈ ̈ ̈ ̈ ̈ ̈ ̈ ̈ ̈ 鸞 ̈ ̈ ̈ ̈ ̈ ̈ ̈ ̈ ̈ ̈ ̈ ̈ ̈ ̈ ̈ ̈ 鵬 ̈ ̈ ̈ ̈ ̈ ̈ ̈ ̈ ̈ ̈ ̈ ̈ ̈ ̈ ̈ ̈ ̈ ̈ 鶯 ̈ ̈ ̈ ̈ ̈ ̈ ̈ ̈ ̈ ̈ ̈ ̈ ̈ ̈ ̈ ̈ ̈ ̈ 鷲 ̈ ̈ ̈ ̈ ̈ ̈ ̈ ̈ ̈ ̈ ̈ ̈ ̈ ̈ ̈ ̈ ̈ ̈ ̈ ̈ ̈ ̈ ̈ ̈ ̈ ̈ ̈ ̈ ̈ ̈ ̈ ̈ ̈ ̈ ̈ ̈
ₒ ̈ 鶴 ̈ ̈ ̈ ̈ ̈ ̈ ̈ ̈ ̈ ̈ ̈ ̈ ̈ ̈ 鷺 ̈ ̈ ̈ ̈ ̈ ̈ ̈ ̈ ̈ ̈ ̈ ̈ ̈ ̈ ̈ ̈ 鸞 ̈ ̈ ̈ ̈ ̈ ̈ ̈ ̈ ̈ ̈ ̈ ̈ ̈ ̈ ̈ ̈ 鵬 ̈ ̈ ̈ ̈ ̈ ̈ ̈ ̈ ̈ ̈ ̈ ̈ ̈ ̈ ̈ ̈ ̈ 鶯 ̈ ̈ ̈ ̈ ̈ ̈ ̈ ̈ ̈ ̈ ̈ ̈ ̈ ̈ ̈ ̈ ̈ ̈ 鷲 ̈ ̈ ̈ ̈ ̈ ̈ ̈ ̈ ̈ ̈ ̈ ̈ ̈ ̈ ̈ ̈ ̈ ̈ ̈ ̈ ̈ ̈ ̈ ̈ ̈ ̈ ̈ ̈ ̈ ̈ ̈
ₒ ̈ 鶴 ̈ 鷺 ̈ ̈ ̈ ̈ ̈ ̈ ̈ ̈ ̈ ̈ ̈ ̈ ̈ ̈ ̈ 鸞 ̈ ̈ ̈ ̈ ̈ ̈ ̈ ̈ ̈ ̈ ̈ ̈ ̈ ̈ ̈ ̈ 鵬 ̈ ̈ ̈ ̈ ̈ ̈ ̈ ̈ ̈ ̈ ̈ ̈ ̈ ̈ ̈ ̈ ̈ ̈ 鶯 ̈ ̈ ̈ ̈ ̈ ̈ ̈ ̈ ̈ ̈ ̈ ̈ ̈ ̈ ̈ ̈ ̈ ̈ 鷲 ̈ ̈ ̈ ̈ ̈ ̈ ̈ ̈ ̈ ̈ ̈ ̈ ̈ ̈ ̈ ̈ ̈ ̈ ̈ ̈ ̈ ̈ ̈ ̈ ̈ ̈ ̈ ̈ ̈ ̈ ̈ ̈ ̈ ̈ ̈ ̈
ₒ ̈ 鶴 ̈ ̈ ̈ ̈ ̈ ̈ ̈ ̈ ̈ ̈ ̈ ̈ ̈ ̈ 鷺 ̈ ̈ ̈ ̈ ̈ ̈ ̈ ̈ ̈ ̈ ̈ ̈ ̈ ̈ ̈ ̈ 鸞 ̈ ̈ ̈ ̈ ̈ ̈ ̈ ̈ ̈ ̈ ̈ ̈ ̈ ̈ ̈ ̈ 鵬 ̈ ̈ ̈ ̈ ̈ ̈ ̈ ̈ ̈ ̈ ̈ ̈ ̈ ̈ ̈ ̈ ̈ 鶯 ̈ ̈ ̈ ̈ ̈ ̈ ̈ ̈ ̈ ̈ ̈ ̈ ̈ ̈ ̈ ̈ ̈ ̈ 鷲 ̈ ̈ ̈ ̈ ̈ ̈ ̈ ̈ ̈ ̈ ̈ ̈ ̈ ̈ ̈ ̈ ̈ ̈ ̈ ̈ ̈ ̈ ̈ ̈ ̈ ̈ ̈ ̈ ̈ ̈ ̈
i ̈ 鶴 ̈ 鷺 ̈ ̈ ̈ ̈ ̈ ̈ ̈ ̈ ̈ ̈ ̈ ̈ ̈ ̈ ̈ 鸞 ̈ ̈ ̈ ̈ ̈ ̈ ̈ ̈ ̈ ̈ ̈ ̈ ̈ ̈ ̈ ̈ 鵬 ̈ ̈ ̈ ̈ ̈ ̈ ̈ ̈ ̈ ̈ ̈ ̈ ̈ ̈ ̈ ̈ ̈ ̈ 鶯 ̈ ̈ ̈ ̈ ̈ ̈ ̈ ̈ ̈ ̈ ̈ ̈ ̈ ̈ ̈ ̈ ̈ ̈ 鷲 ̈ ̈ ̈ ̈ ̈ ̈ ̈ ̈ ̈ ̈ ̈ ̈ ̈ ̈ ̈ ̈ ̈ ̈ ̈ ̈ ̈ ̈ ̈ ̈ ̈ ̈ ̈ ̈ ̈ ̈ ̈ ̈ ̈ ̈ ̈ ̈
虻 ̈ 鶴 ̈ ̈ ̈ ̈ ̈ ̈ ̈ ̈ ̈ ̈ ̈ ̈ ̈ ̈ 鷺 ̈ ̈ ̈ ̈ ̈ ̈ ̈ ̈ ̈ ̈ ̈ ̈ ̈ ̈ ̈ ̈ 鸞 ̈ ̈ ̈ ̈ ̈ ̈ ̈ ̈ ̈ ̈ ̈ ̈ ̈ ̈ ̈ ̈ 鵬 ̈ ̈ ̈ ̈ ̈ ̈ ̈ ̈ ̈ ̈ ̈ ̈ ̈ ̈ ̈ ̈ ̈ 鶯 ̈ ̈ ̈ ̈ ̈ ̈ ̈ ̈ ̈ ̈ ̈ ̈ ̈ ̈ ̈ ̈ ̈ ̈ 鷲 ̈ ̈ ̈ ̈ ̈ ̈ ̈ ̈ ̈ ̈ ̈ ̈ ̈ ̈ ̈ ̈ ̈ ̈ ̈ ̈ ̈ ̈ ̈ ̈ ̈ ̈ ̈ ̈ ̈ ̈ ̈
ₒ ̈ 鶴 ̈ 鷺 ̈ ̈ ̈ ̈ ̈ ̈ ̈ ̈ ̈ ̈ ̈ ̈ ̈ ̈ ̈ 鸞 ̈ ̈ ̈ ̈ ̈ ̈ ̈ ̈ ̈ ̈ ̈ ̈ ̈ ̈ ̈ ̈ 鵬 ̈ ̈ ̈ ̈ ̈ ̈ ̈ ̈ ̈ ̈ ̈ ̈ ̈ ̈ ̈ ̈ ̈ ̈ 鶯 ̈ ̈ ̈ ̈ ̈ ̈ ̈ ̈ ̈ ̈ ̈ ̈ ̈ ̈ ̈ ̈ ̈ ̈ 鷲 ̈ ̈ ̈ ̈ ̈ ̈ ̈ ̈ ̈ ̈ ̈ ̈ ̈ ̈ ̈ ̈ ̈ ̈ ̈ ̈ ̈ ̈ ̈ ̈ ̈ ̈ ̈ ̈ ̈ ̈ ̈ ̈ ̈ ̈ ̈ ̈
3 ̈ 鶴 ̈ ̈ ̈ ̈ ̈ ̈ ̈ ̈ ̈ ̈ ̈ ̈ ̈ ̈ 鷺 ̈ ̈ ̈ ̈ ̈ ̈ ̈ ̈ ̈ ̈ ̈ ̈ ̈ ̈ ̈ ̈ 鸞 ̈ ̈ ̈ ̈ ̈ ̈ ̈ ̈ ̈ ̈ ̈ ̈ ̈ ̈ ̈ ̈ 鵬 ̈ ̈ ̈ ̈ ̈ ̈ ̈ ̈ ̈ ̈ ̈ ̈ ̈ ̈ ̈ ̈ ̈ 鶯 ̈ ̈ ̈ ̈ ̈ ̈ ̈ ̈ ̈ ̈ ̈ ̈ ̈ ̈ ̈ ̈ ̈ ̈ 鷲 ̈ ̈ ̈ ̈ ̈ ̈ ̈ ̈ ̈ ̈ ̈ ̈ ̈ ̈ ̈ ̈ ̈ ̈ ̈ ̈ ̈ ̈ ̈ ̈ ̈ ̈ ̈ ̈ ̈ ̈ ̈
ₒ ̈ 鶴 ̈ 鷺 ̈ ̈ ̈ ̈ ̈ ̈ ̈ ̈ ̈ ̈ ̈ ̈ ̈ ̈ ̈ 鸞 ̈ ̈ ̈ ̈ ̈ ̈ ̈ ̈ ̈ ̈ ̈ ̈ ̈ ̈ ̈ ̈ 鵬 ̈ ̈ ̈ ̈ ̈ ̈ ̈ ̈ ̈ ̈ ̈ ̈ ̈ ̈ ̈ ̈ ̈ ̈ 鶯 ̈ ̈ ̈ ̈ ̈ ̈ ̈ ̈ ̈ ̈ ̈ ̈ ̈ ̈ ̈ ̈ ̈ ̈ 鷲 ̈ ̈ ̈ ̈ ̈ ̈ ̈ ̈ ̈ ̈ ̈ ̈ ̈ ̈ ̈ ̈ ̈ ̈ ̈ ̈ ̈ ̈ ̈ ̈ ̈ ̈ ̈ ̈ ̈ ̈ ̈ ̈ ̈ ̈ ̈ ̈
ₒ ̈ 鶴 ̈ ̈ ̈ ̈ ̈ ̈ ̈ ̈ ̈ ̈ ̈ ̈ ̈ ̈ 鷺 ̈ ̈ ̈ ̈ ̈ ̈ ̈ ̈ ̈ ̈ ̈ ̈ ̈ ̈ ̈ ̈ 鸞 ̈ ̈ ̈ ̈ ̈ ̈ ̈ ̈ ̈ ̈ ̈ ̈ ̈ ̈ ̈ ̈ 鵬 ̈ ̈ ̈ ̈ ̈ ̈ ̈ ̈ ̈ ̈ ̈ ̈ ̈ ̈ ̈ ̈ ̈ 鶯 ̈ ̈ ̈ ̈ ̈ ̈ ̈ ̈ ̈ ̈ ̈ ̈ ̈ ̈ ̈ ̈ ̈ ̈ 鷲 ̈ ̈ ̈ ̈ ̈ ̈ ̈ ̈ ̈ ̈ ̈ ̈ ̈ ̈ ̈ ̈ ̈ ̈ ̈ ̈ ̈ ̈ ̈ ̈ ̈ ̈ ̈ ̈ ̈ ̈ ̈
ₒ ̈ 鶴 ̈ 鷺 ̈ ̈ ̈ ̈ ̈ ̈ ̈ ̈ ̈ ̈ ̈ ̈ ̈ ̈ ̈ 鸞 ̈ ̈ ̈ ̈ ̈ ̈ ̈ ̈ ̈ ̈ ̈ ̈ ̈ ̈ ̈ ̈ 鵬 ̈ ̈ ̈ ̈ ̈ ̈ ̈ ̈ ̈ ̈ ̈ ̈ ̈ ̈ ̈ ̈ ̈ ̈ 鶯 ̈ ̈ ̈ ̈ ̈ ̈ ̈ ̈ ̈ ̈ ̈ ̈ ̈ ̈ ̈ ̈ ̈ ̈ 鷲 ̈ ̈ ̈ ̈ ̈ ̈ ̈ ̈ ̈ ̈ ̈ ̈ ̈ ̈ ̈ ̈ ̈ ̈ ̈ ̈ ̈ ̈ ̈ ̈ ̈ ̈ ̈ ̈ ̈ ̈ ̈ ̈ ̈ ̈ ̈ ̈
ₒ ̈ 鶴 ̈ ̈ ̈ ̈ ̈ ̈ ̈ ̈ ̈ ̈ ̈ ̈ ̈ ̈ 鷺 ̈ ̈ ̈ ̈ ̈ ̈ ̈ ̈ ̈ ̈ ̈ ̈ ̈ ̈ ̈ ̈ 鸞 ̈ ̈ ̈ ̈ ̈ ̈ ̈ ̈ ̈ ̈ ̈ ̈ ̈ ̈ ̈ ̈ 鵬 ̈ ̈ ̈ ̈ ̈ ̈ ̈ ̈ ̈ ̈ ̈ ̈ ̈ ̈ ̈ ̈ ̈ 鶯 ̈ ̈ ̈ ̈ ̈ ̈ ̈ ̈ ̈ ̈ ̈ ̈ ̈ ̈ ̈ ̈ ̈ ̈ 鷲 ̈ ̈ ̈ ̈ ̈ ̈ ̈ ̈ ̈ ̈ ̈ ̈ ̈ ̈ ̈ ̈ ̈ ̈ ̈ ̈ ̈ ̈ ̈ ̈ ̈ ̈ ̈ ̈ ̈ ̈ ̈
�
